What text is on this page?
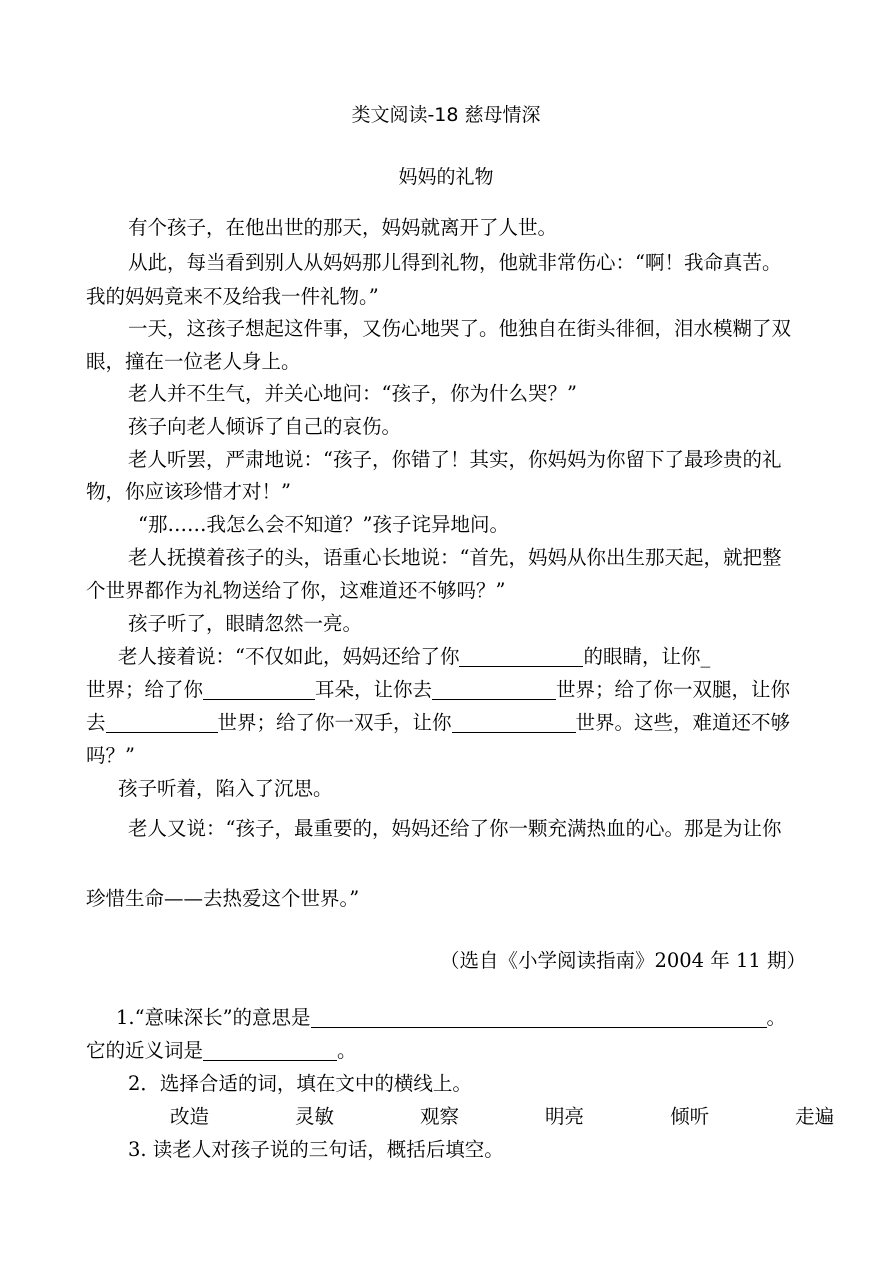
类文阅读-18 慈母情深
妈妈的礼物
有个孩子，在他出世的那天，妈妈就离开了人世。
从此，每当看到别人从妈妈那儿得到礼物，他就非常伤心：“啊！我命真苦。
我的妈妈竟来不及给我一件礼物。”
一天，这孩子想起这件事，又伤心地哭了。他独自在街头徘徊，泪水模糊了双
眼，撞在一位老人身上。
老人并不生气，并关心地问：“孩子，你为什么哭？”
孩子向老人倾诉了自己的哀伤。
老人听罢，严肃地说：“孩子，你错了！其实，你妈妈为你留下了最珍贵的礼
物，你应该珍惜才对！”
“那……我怎么会不知道？”孩子诧异地问。
老人抚摸着孩子的头，语重心长地说：“首先，妈妈从你出生那天起，就把整
个世界都作为礼物送给了你，这难道还不够吗？”
孩子听了，眼睛忽然一亮。
老人接着说：“不仅如此，妈妈还给了你	的眼睛，让你_
世界；给了你	耳朵，让你去	世界；给了你一双腿，让你
去	世界；给了你一双手，让你	世界。这些，难道还不够
吗？”
孩子听着，陷入了沉思。
老人又说：“孩子，最重要的，妈妈还给了你一颗充满热血的心。那是为让你
珍惜生命——去热爱这个世界。”
（选自《小学阅读指南》2004 年 11 期）
1.“意味深长”的意思是	。
它的近义词是	。
2．选择合适的词，填在文中的横线上。
改造	灵敏	观察	明亮	倾听	走遍
3. 读老人对孩子说的三句话，概括后填空。
